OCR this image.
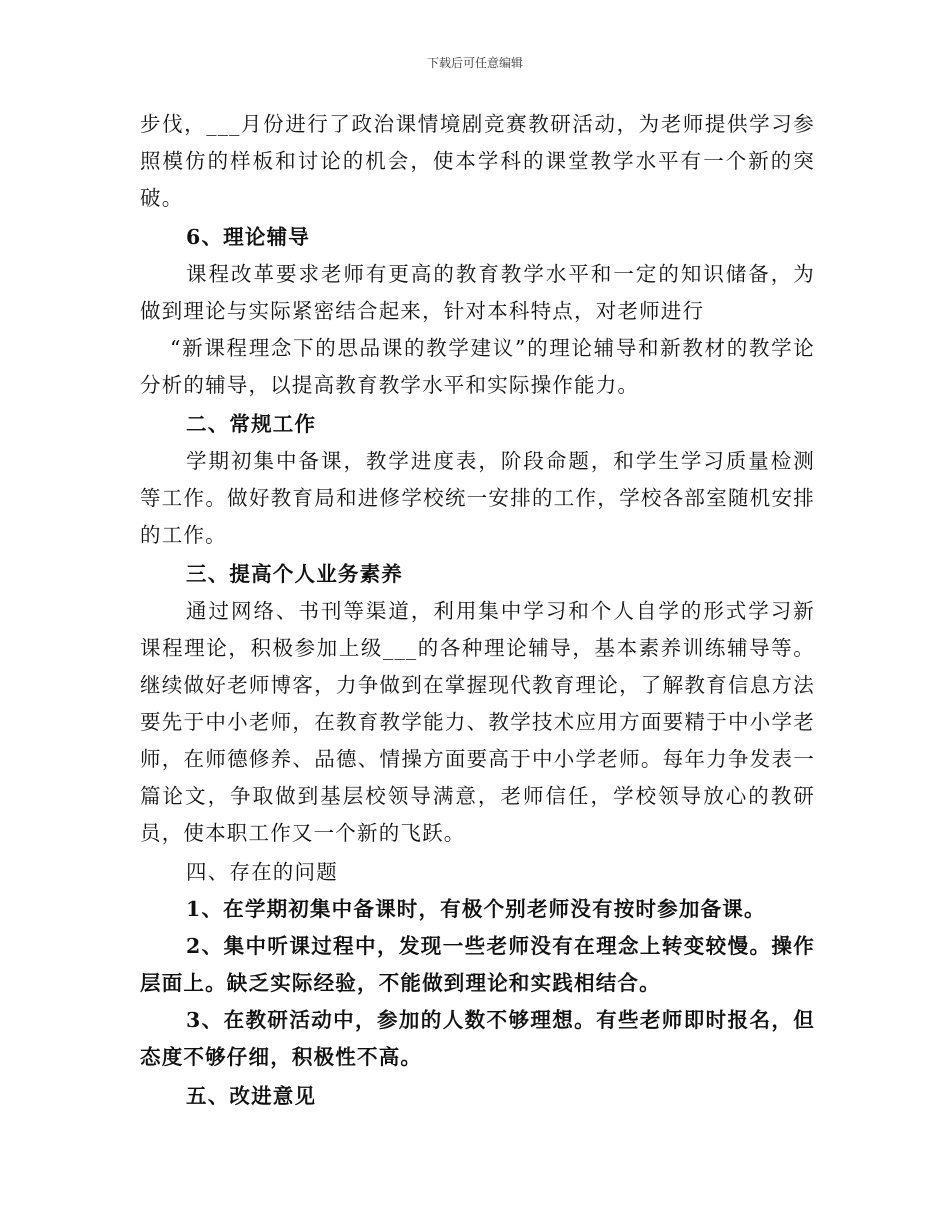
下载后可任意编辑

步伐，___月份进行了政治课情境剧竞赛教研活动，为老师提供学习参照模仿的样板和讨论的机会，使本学科的课堂教学水平有一个新的突破。

6、理论辅导

课程改革要求老师有更高的教育教学水平和一定的知识储备，为做到理论与实际紧密结合起来，针对本科特点，对老师进行

“新课程理念下的思品课的教学建议”的理论辅导和新教材的教学论分析的辅导，以提高教育教学水平和实际操作能力。

二、常规工作

学期初集中备课，教学进度表，阶段命题，和学生学习质量检测等工作。做好教育局和进修学校统一安排的工作，学校各部室随机安排的工作。

三、提高个人业务素养

通过网络、书刊等渠道，利用集中学习和个人自学的形式学习新课程理论，积极参加上级___的各种理论辅导，基本素养训练辅导等。继续做好老师博客，力争做到在掌握现代教育理论，了解教育信息方法要先于中小老师，在教育教学能力、教学技术应用方面要精于中小学老师，在师德修养、品德、情操方面要高于中小学老师。每年力争发表一篇论文，争取做到基层校领导满意，老师信任，学校领导放心的教研员，使本职工作又一个新的飞跃。

四、存在的问题

1、在学期初集中备课时，有极个别老师没有按时参加备课。

2、集中听课过程中，发现一些老师没有在理念上转变较慢。操作层面上。缺乏实际经验，不能做到理论和实践相结合。

3、在教研活动中，参加的人数不够理想。有些老师即时报名，但态度不够仔细，积极性不高。

五、改进意见
